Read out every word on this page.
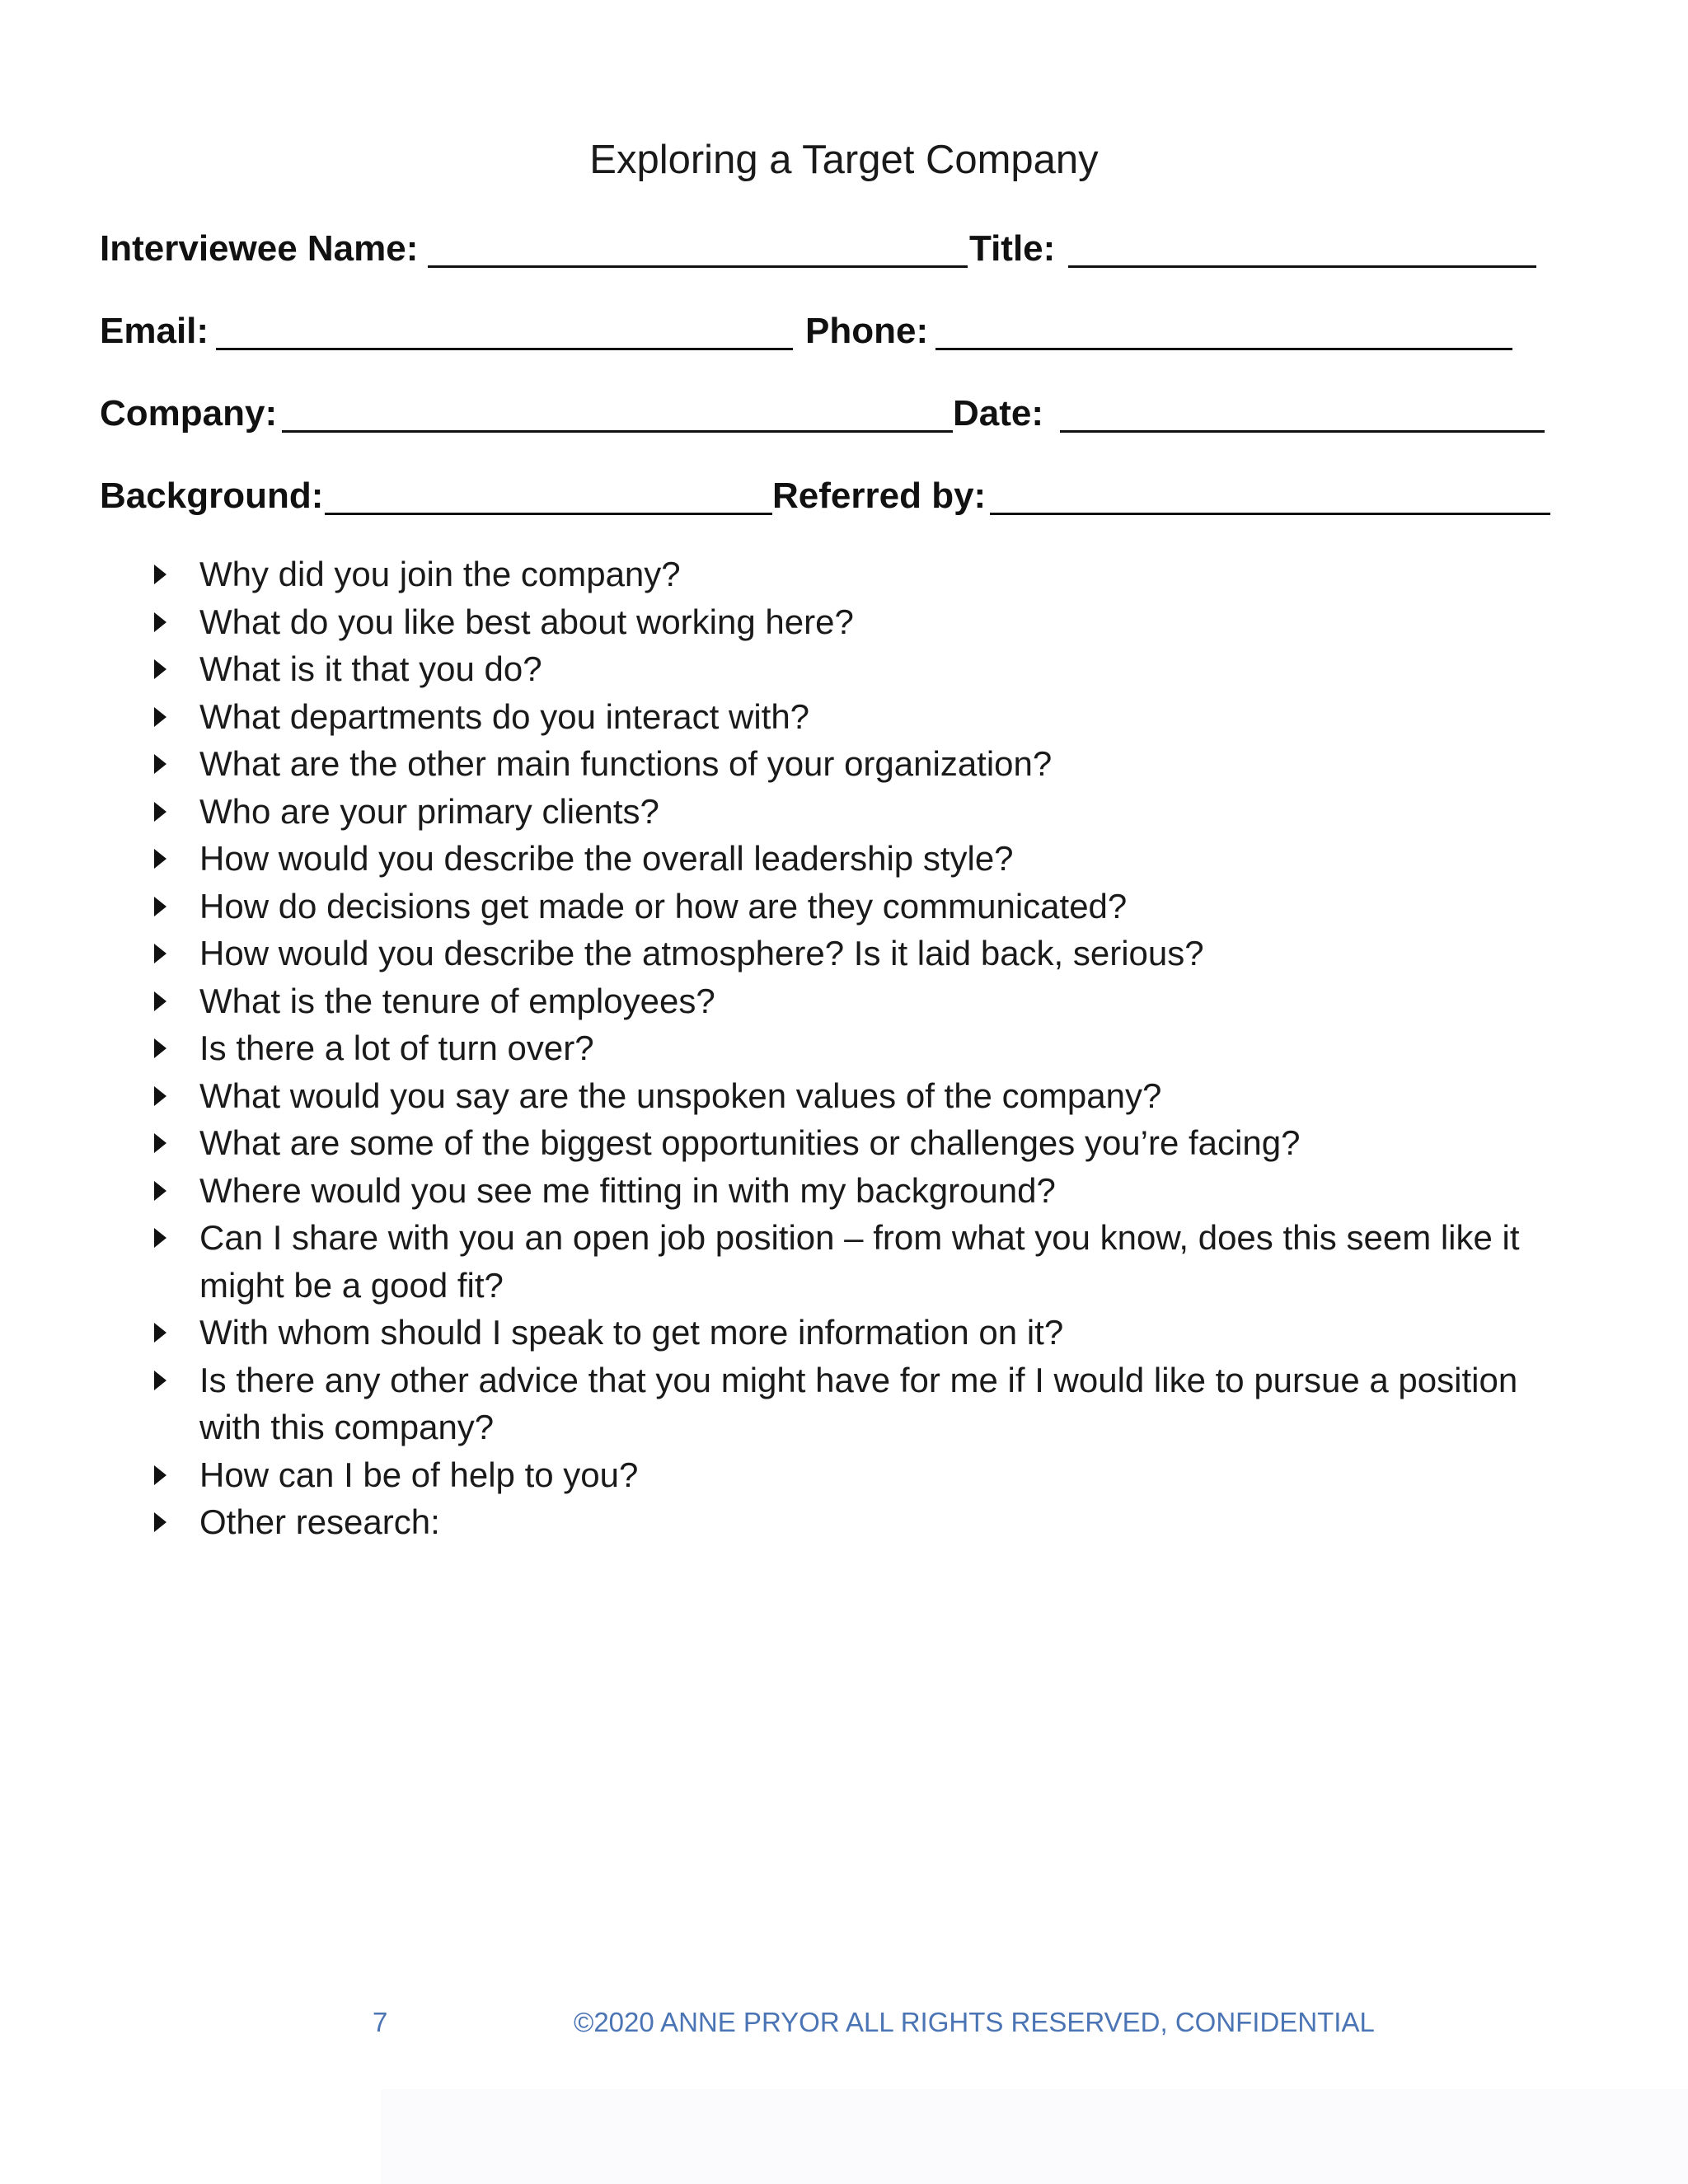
Exploring a Target Company
Interviewee Name:	Title:
Email:	Phone:
Company:	Date:
Background:	Referred by:
Why did you join the company?
What do you like best about working here?
What is it that you do?
What departments do you interact with?
What are the other main functions of your organization?
Who are your primary clients?
How would you describe the overall leadership style?
How do decisions get made or how are they communicated?
How would you describe the atmosphere? Is it laid back, serious?
What is the tenure of employees?
Is there a lot of turn over?
What would you say are the unspoken values of the company?
What are some of the biggest opportunities or challenges you’re facing?
Where would you see me fitting in with my background?
Can I share with you an open job position – from what you know, does this seem like it might be a good fit?
With whom should I speak to get more information on it?
Is there any other advice that you might have for me if I would like to pursue a position with this company?
How can I be of help to you?
Other research:
7	©2020 ANNE PRYOR ALL RIGHTS RESERVED, CONFIDENTIAL
